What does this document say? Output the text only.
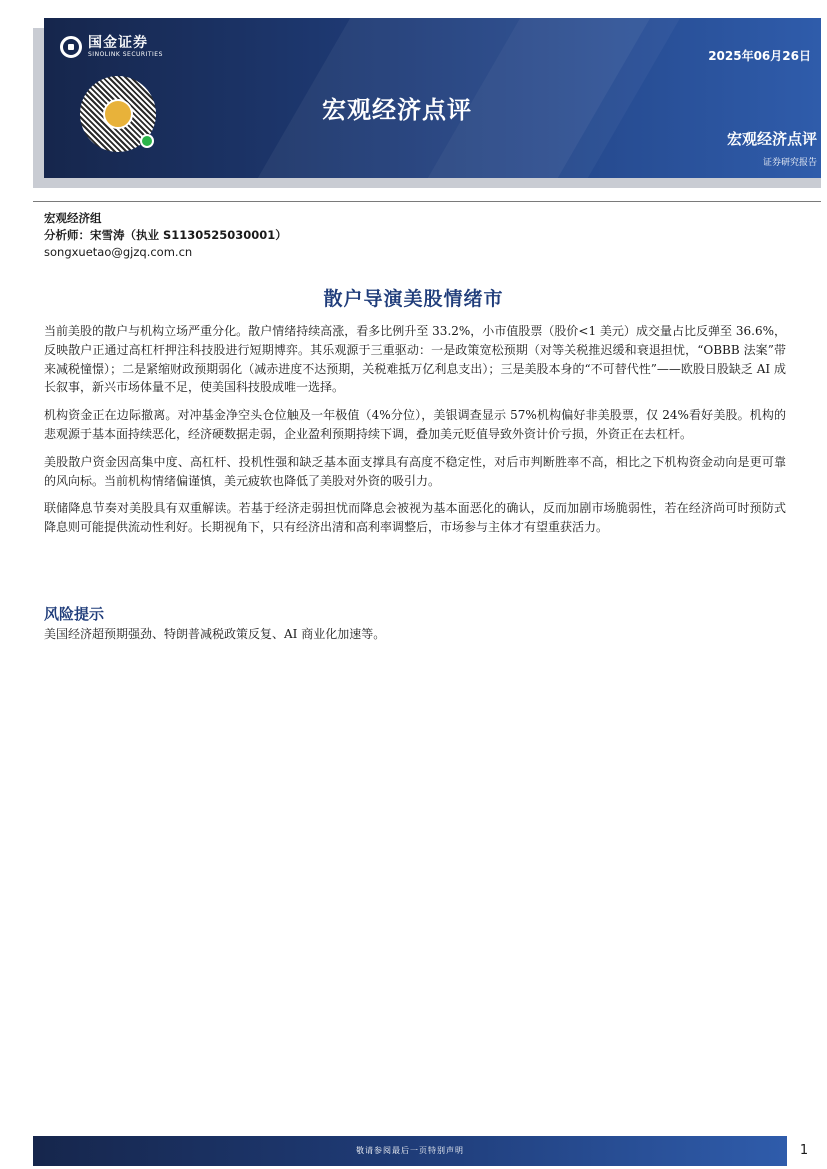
国金证券
SINOLINK SECURITIES
宏观经济点评
2025年06月26日
宏观经济点评
证券研究报告
宏观经济组
分析师：宋雪涛（执业 S1130525030001）
songxuetao@gjzq.com.cn
散户导演美股情绪市

当前美股的散户与机构立场严重分化。散户情绪持续高涨，看多比例升至 33.2%，小市值股票（股价<1 美元）成交量占比反弹至 36.6%，反映散户正通过高杠杆押注科技股进行短期博弈。其乐观源于三重驱动：一是政策宽松预期（对等关税推迟缓和衰退担忧，“OBBB 法案”带来减税憧憬）；二是紧缩财政预期弱化（减赤进度不达预期，关税难抵万亿利息支出）；三是美股本身的“不可替代性”——欧股日股缺乏 AI 成长叙事，新兴市场体量不足，使美国科技股成唯一选择。

机构资金正在边际撤离。对冲基金净空头仓位触及一年极值（4%分位），美银调查显示 57%机构偏好非美股票，仅 24%看好美股。机构的悲观源于基本面持续恶化，经济硬数据走弱，企业盈利预期持续下调，叠加美元贬值导致外资计价亏损，外资正在去杠杆。

美股散户资金因高集中度、高杠杆、投机性强和缺乏基本面支撑具有高度不稳定性，对后市判断胜率不高，相比之下机构资金动向是更可靠的风向标。当前机构情绪偏谨慎，美元疲软也降低了美股对外资的吸引力。

联储降息节奏对美股具有双重解读。若基于经济走弱担忧而降息会被视为基本面恶化的确认，反而加剧市场脆弱性，若在经济尚可时预防式降息则可能提供流动性利好。长期视角下，只有经济出清和高利率调整后，市场参与主体才有望重获活力。

风险提示
美国经济超预期强劲、特朗普减税政策反复、AI 商业化加速等。
敬请参阅最后一页特别声明	1
